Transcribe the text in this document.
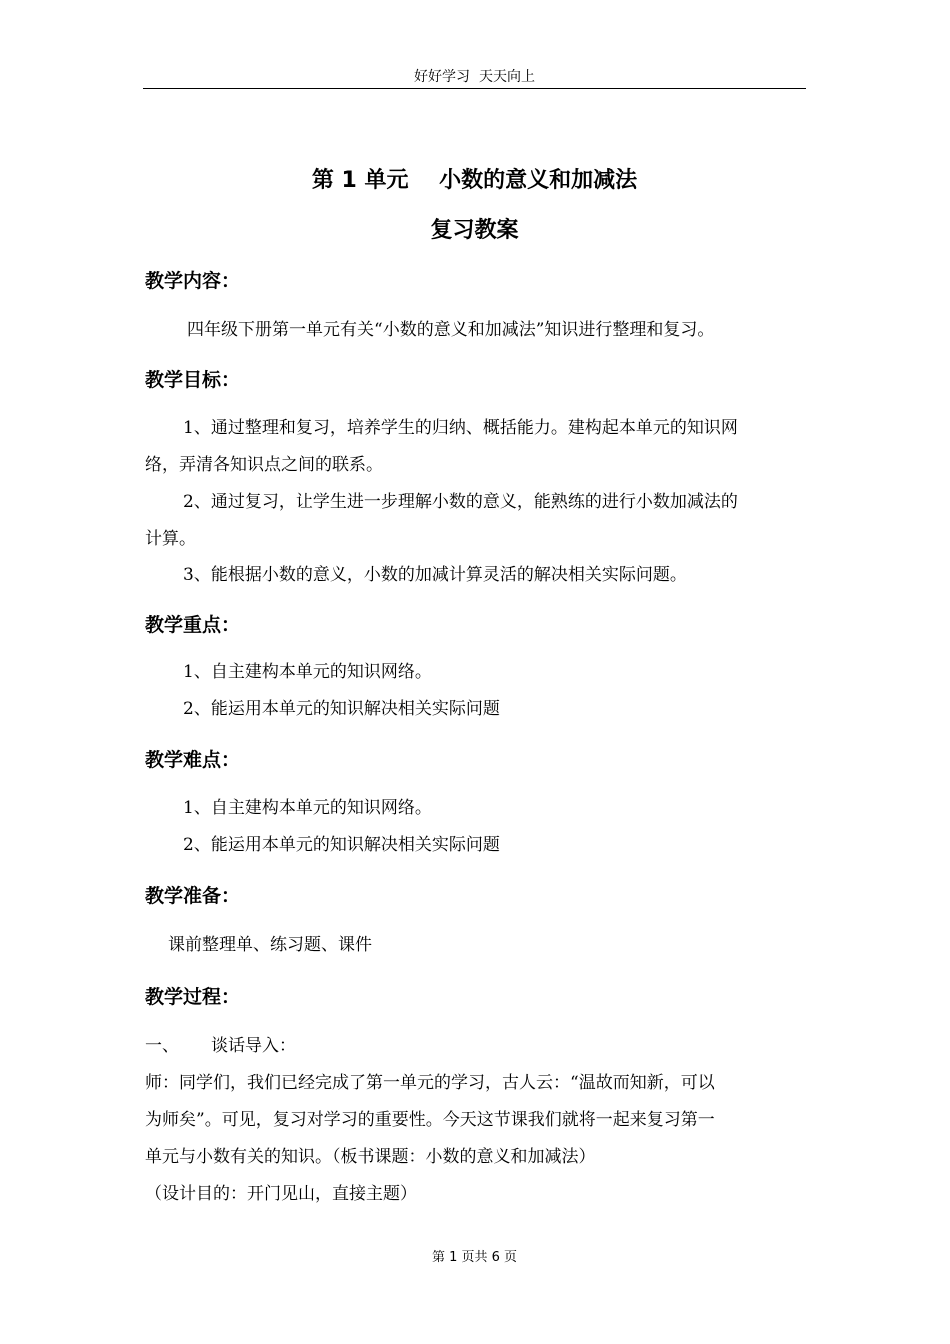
好好学习  天天向上
第 1 单元    小数的意义和加减法
复习教案
教学内容：
四年级下册第一单元有关“小数的意义和加减法”知识进行整理和复习。
教学目标：
1、通过整理和复习，培养学生的归纳、概括能力。建构起本单元的知识网
络，弄清各知识点之间的联系。
2、通过复习，让学生进一步理解小数的意义，能熟练的进行小数加减法的
计算。
3、能根据小数的意义，小数的加减计算灵活的解决相关实际问题。
教学重点：
1、自主建构本单元的知识网络。
2、能运用本单元的知识解决相关实际问题
教学难点：
1、自主建构本单元的知识网络。
2、能运用本单元的知识解决相关实际问题
教学准备：
课前整理单、练习题、课件
教学过程：
一、 谈话导入：
师：同学们，我们已经完成了第一单元的学习，古人云：“温故而知新，可以
为师矣”。可见，复习对学习的重要性。今天这节课我们就将一起来复习第一
单元与小数有关的知识。（板书课题：小数的意义和加减法）
（设计目的：开门见山，直接主题）
第 1 页共 6 页
